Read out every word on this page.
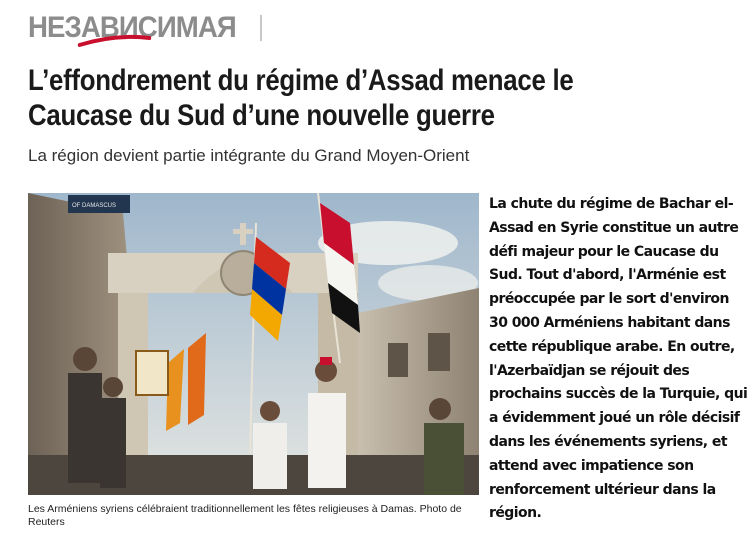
НЕЗАВИСИМАЯ
L’effondrement du régime d’Assad menace le Caucase du Sud d’une nouvelle guerre

La région devient partie intégrante du Grand Moyen-Orient

OF DAMASCUS

Les Arméniens syriens célébraient traditionnellement les fêtes religieuses à Damas. Photo de Reuters

La chute du régime de Bachar el-Assad en Syrie constitue un autre défi majeur pour le Caucase du Sud. Tout d'abord, l'Arménie est préoccupée par le sort d'environ 30 000 Arméniens habitant dans cette république arabe. En outre, l'Azerbaïdjan se réjouit des prochains succès de la Turquie, qui a évidemment joué un rôle décisif dans les événements syriens, et attend avec impatience son renforcement ultérieur dans la région.
